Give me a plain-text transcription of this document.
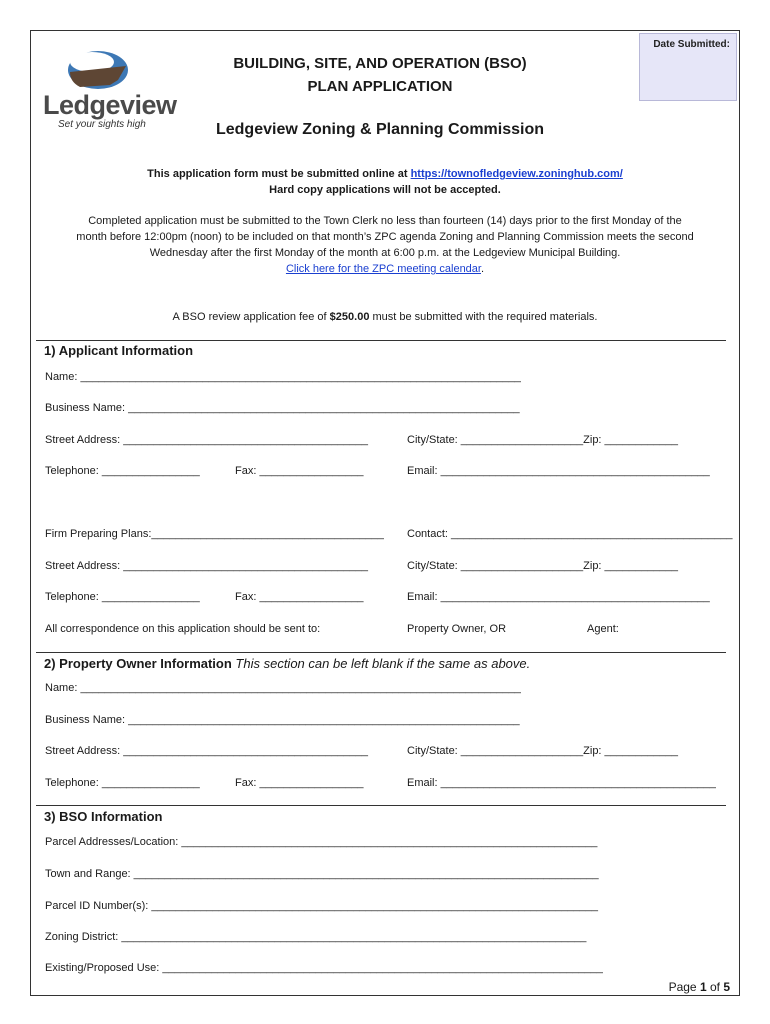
Ledgeview
Set your sights high
Date Submitted:
BUILDING, SITE, AND OPERATION (BSO)
PLAN APPLICATION
Ledgeview Zoning & Planning Commission
This application form must be submitted online at https://townofledgeview.zoninghub.com/
Hard copy applications will not be accepted.
Completed application must be submitted to the Town Clerk no less than fourteen (14) days prior to the first Monday of the
month before 12:00pm (noon) to be included on that month’s ZPC agenda Zoning and Planning Commission meets the second
Wednesday after the first Monday of the month at 6:00 p.m. at the Ledgeview Municipal Building.
Click here for the ZPC meeting calendar.
A BSO review application fee of $250.00 must be submitted with the required materials.
1) Applicant Information
Name: ________________________________________________________________________
Business Name: ________________________________________________________________
Street Address: ________________________________________	City/State: ____________________Zip: ____________
Telephone: ________________	Fax: _________________	Email: ____________________________________________
Firm Preparing Plans:______________________________________ Contact: ______________________________________________
Street Address: ________________________________________	City/State: ____________________Zip: ____________
Telephone: ________________	Fax: _________________	Email: ____________________________________________
All correspondence on this application should be sent to:	Property Owner, OR	Agent:
2) Property Owner Information This section can be left blank if the same as above.
Name: ________________________________________________________________________
Business Name: ________________________________________________________________
Street Address: ________________________________________	City/State: ____________________Zip: ____________
Telephone: ________________	Fax: _________________	Email: _____________________________________________
3) BSO Information
Parcel Addresses/Location: ____________________________________________________________________
Town and Range: ____________________________________________________________________________
Parcel ID Number(s): _________________________________________________________________________
Zoning District: ____________________________________________________________________________
Existing/Proposed Use: ________________________________________________________________________
Page 1 of 5
